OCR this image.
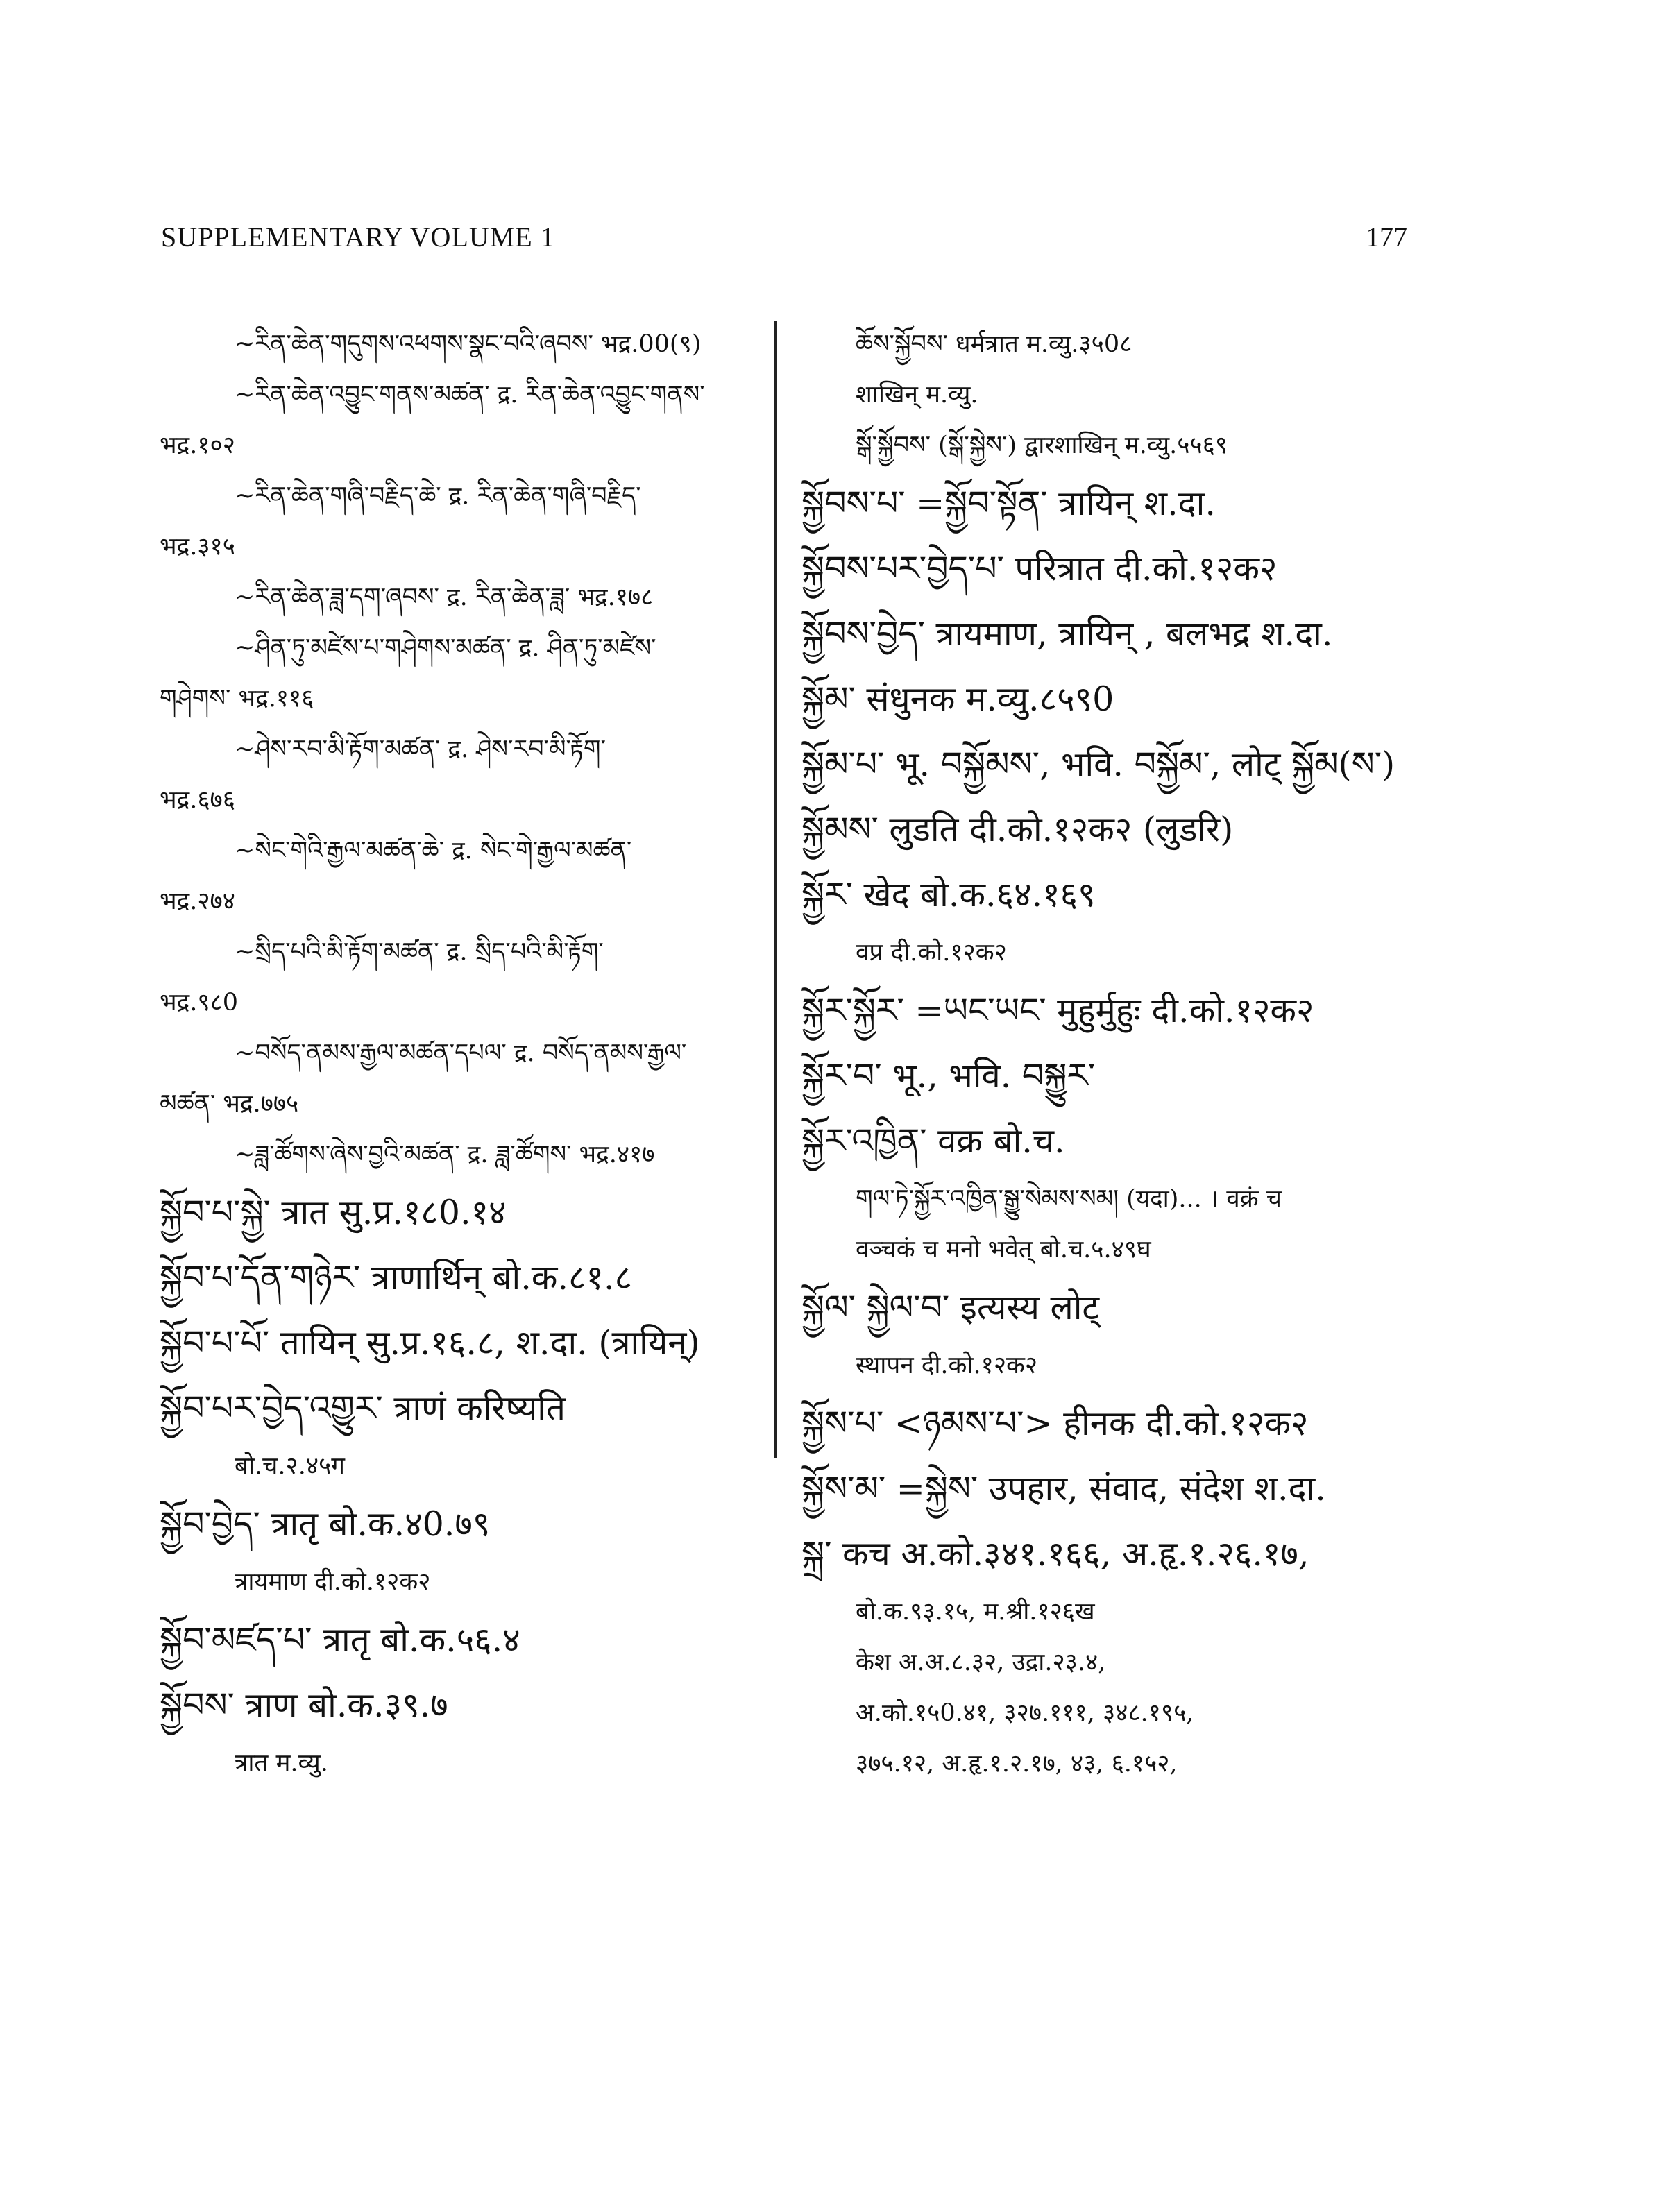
SUPPLEMENTARY VOLUME 1	177
~རིན་ཆེན་གདུགས་འཕགས་སྣང་བའི་ཞབས་ भद्र.00(९)
~རིན་ཆེན་འབྱུང་གནས་མཚན་ द्र. རིན་ཆེན་འབྱུང་གནས་
भद्र.१०२
~རིན་ཆེན་གཞི་བརྗིད་ཆེ་ द्र. རིན་ཆེན་གཞི་བརྗིད་
भद्र.३१५
~རིན་ཆེན་ཟླ་དག་ཞབས་ द्र. རིན་ཆེན་ཟླ་ भद्र.१७८
~ཤིན་ཏུ་མཛེས་པ་གཤེགས་མཚན་ द्र. ཤིན་ཏུ་མཛེས་
གཤེགས་ भद्र.११६
~ཤེས་རབ་མི་རྟོག་མཚན་ द्र. ཤེས་རབ་མི་རྟོག་
भद्र.६७६
~སེང་གེའི་རྒྱལ་མཚན་ཆེ་ द्र. སེང་གེ་རྒྱལ་མཚན་
भद्र.२७४
~སྲིད་པའི་མི་རྟོག་མཚན་ द्र. སྲིད་པའི་མི་རྟོག་
भद्र.९८0
~བསོད་ནམས་རྒྱལ་མཚན་དཔལ་ द्र. བསོད་ནམས་རྒྱལ་
མཚན་ भद्र.७७५
~ཟླ་ཚོགས་ཞེས་བྱའི་མཚན་ द्र. ཟླ་ཚོགས་ भद्र.४१७
སྐྱོབ་པ་སྐྱེ་ त्रात सु.प्र.१८0.१४
སྐྱོབ་པ་དོན་གཉེར་ त्राणार्थिन् बो.क.८१.८
སྐྱོབ་པ་པོ་ तायिन् सु.प्र.१६.८, श.दा. (त्रायिन्)
སྐྱོབ་པར་བྱེད་འགྱུར་ त्राणं करिष्यति
बो.च.२.४५ग
སྐྱོབ་བྱེད་ त्रातृ बो.क.४0.७९
त्रायमाण दी.को.१२क२
སྐྱོབ་མཛད་པ་ त्रातृ बो.क.५६.४
སྐྱོབས་ त्राण बो.क.३९.७
त्रात म.व्यु.
ཆོས་སྐྱོབས་ धर्मत्रात म.व्यु.३५0८
शाखिन् म.व्यु.
སྒོ་སྐྱོབས་ (སྒོ་སྐྱེས་) द्वारशाखिन् म.व्यु.५५६९
སྐྱོབས་པ་ =སྐྱོབ་སྟོན་ त्रायिन् श.दा.
སྐྱོབས་པར་བྱེད་པ་ परित्रात दी.को.१२क२
སྐྱོབས་བྱེད་ त्रायमाण, त्रायिन् , बलभद्र श.दा.
སྐྱོམ་ संधुनक म.व्यु.८५९0
སྐྱོམ་པ་ भू. བསྐྱོམས་, भवि. བསྐྱོམ་, लोट् སྐྱོམ(ས་)
སྐྱོམས་ लुडति दी.को.१२क२ (लुडरि)
སྐྱོར་ खेद बो.क.६४.१६९
वप्र दी.को.१२क२
སྐྱོར་སྐྱོར་ =ཡང་ཡང་ मुहुर्मुहुः दी.को.१२क२
སྐྱོར་བ་ भू., भवि. བསྐྱུར་
སྐྱོར་འཁྱིན་ वक्र बो.च.
གལ་ཏེ་སྐྱོར་འཁྱིན་སྒྱུ་སེམས་སམ། (यदा)... । वक्रं च
वञ्चकं च मनो भवेत् बो.च.५.४९घ
སྐྱོལ་ སྐྱེལ་བ་ इत्यस्य लोट्
स्थापन दी.को.१२क२
སྐྱོས་པ་ <ཉམས་པ་> हीनक दी.को.१२क२
སྐྱོས་མ་ =སྐྱེས་ उपहार, संवाद, संदेश श.दा.
སྐྲ་ कच अ.को.३४१.१६६, अ.हृ.१.२६.१७,
बो.क.९३.१५, म.श्री.१२६ख
केश अ.अ.८.३२, उद्रा.२३.४,
अ.को.१५0.४१, ३२७.१११, ३४८.१९५,
३७५.१२, अ.हृ.१.२.१७, ४३, ६.१५२,
